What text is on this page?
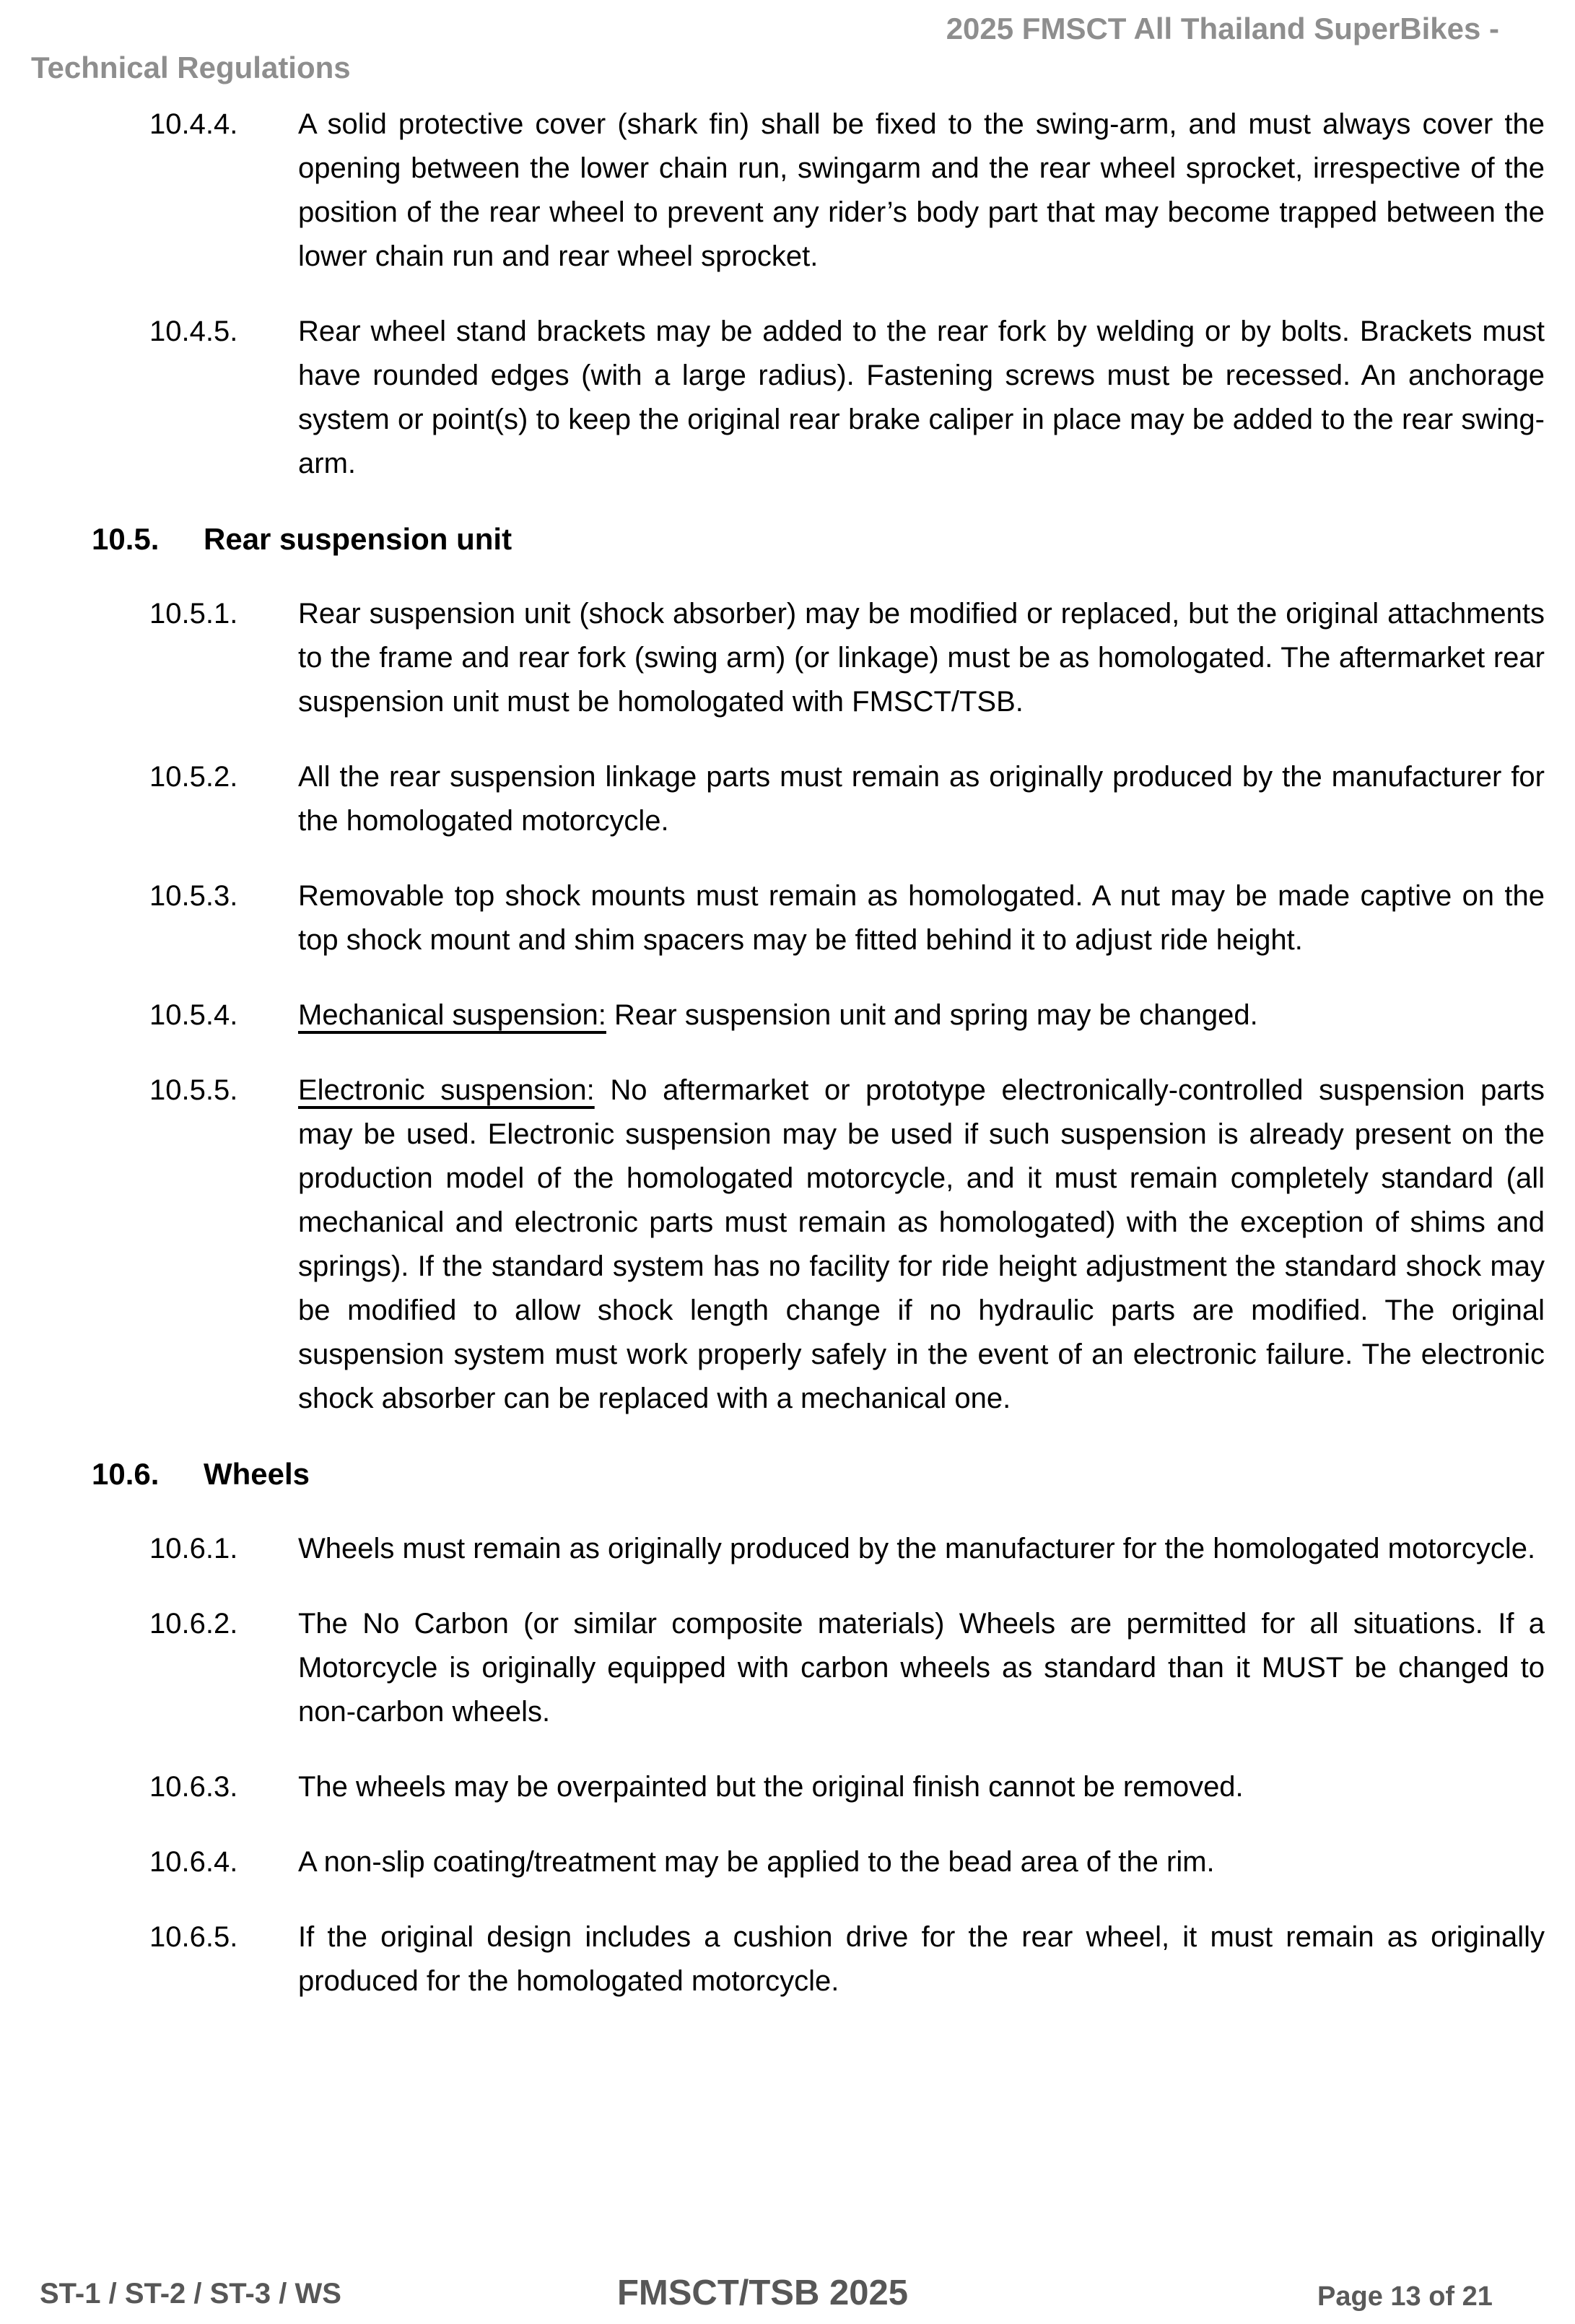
2025 FMSCT All Thailand SuperBikes -
Technical Regulations
10.4.4.	A solid protective cover (shark fin) shall be fixed to the swing-arm, and must always cover the opening between the lower chain run, swingarm and the rear wheel sprocket, irrespective of the position of the rear wheel to prevent any rider’s body part that may become trapped between the lower chain run and rear wheel sprocket.
10.4.5.	Rear wheel stand brackets may be added to the rear fork by welding or by bolts. Brackets must have rounded edges (with a large radius). Fastening screws must be recessed. An anchorage system or point(s) to keep the original rear brake caliper in place may be added to the rear swing-arm.
10.5.	Rear suspension unit
10.5.1.	Rear suspension unit (shock absorber) may be modified or replaced, but the original attachments to the frame and rear fork (swing arm) (or linkage) must be as homologated. The aftermarket rear suspension unit must be homologated with FMSCT/TSB.
10.5.2.	All the rear suspension linkage parts must remain as originally produced by the manufacturer for the homologated motorcycle.
10.5.3.	Removable top shock mounts must remain as homologated. A nut may be made captive on the top shock mount and shim spacers may be fitted behind it to adjust ride height.
10.5.4.	Mechanical suspension: Rear suspension unit and spring may be changed.
10.5.5.	Electronic suspension: No aftermarket or prototype electronically-controlled suspension parts may be used. Electronic suspension may be used if such suspension is already present on the production model of the homologated motorcycle, and it must remain completely standard (all mechanical and electronic parts must remain as homologated) with the exception of shims and springs). If the standard system has no facility for ride height adjustment the standard shock may be modified to allow shock length change if no hydraulic parts are modified. The original suspension system must work properly safely in the event of an electronic failure. The electronic shock absorber can be replaced with a mechanical one.
10.6.	Wheels
10.6.1.	Wheels must remain as originally produced by the manufacturer for the homologated motorcycle.
10.6.2.	The No Carbon (or similar composite materials) Wheels are permitted for all situations. If a Motorcycle is originally equipped with carbon wheels as standard than it MUST be changed to non-carbon wheels.
10.6.3.	The wheels may be overpainted but the original finish cannot be removed.
10.6.4.	A non-slip coating/treatment may be applied to the bead area of the rim.
10.6.5.	If the original design includes a cushion drive for the rear wheel, it must remain as originally produced for the homologated motorcycle.
ST-1 / ST-2 / ST-3 / WS	FMSCT/TSB 2025	Page 13 of 21
